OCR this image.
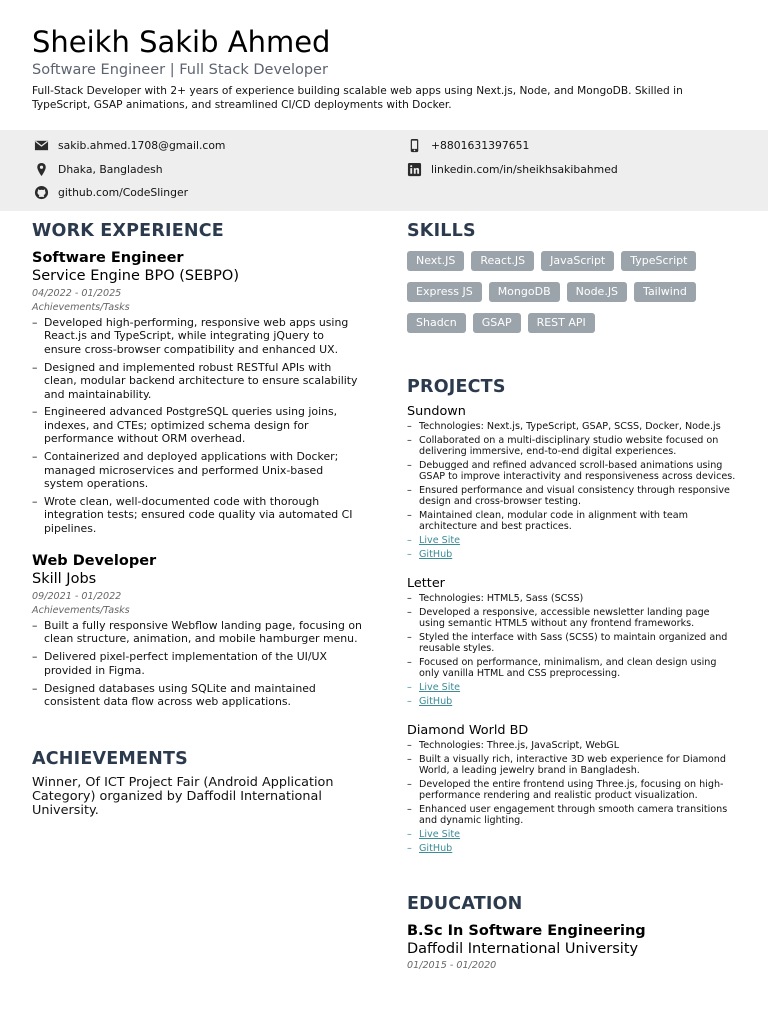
Sheikh Sakib Ahmed
Software Engineer | Full Stack Developer
Full-Stack Developer with 2+ years of experience building scalable web apps using Next.js, Node, and MongoDB. Skilled in TypeScript, GSAP animations, and streamlined CI/CD deployments with Docker.
sakib.ahmed.1708@gmail.com	+8801631397651
Dhaka, Bangladesh	linkedin.com/in/sheikhsakibahmed
github.com/CodeSlinger
WORK EXPERIENCE
Software Engineer
Service Engine BPO (SEBPO)
04/2022 - 01/2025
Achievements/Tasks
– Developed high-performing, responsive web apps using React.js and TypeScript, while integrating jQuery to ensure cross-browser compatibility and enhanced UX.
– Designed and implemented robust RESTful APIs with clean, modular backend architecture to ensure scalability and maintainability.
– Engineered advanced PostgreSQL queries using joins, indexes, and CTEs; optimized schema design for performance without ORM overhead.
– Containerized and deployed applications with Docker; managed microservices and performed Unix-based system operations.
– Wrote clean, well-documented code with thorough integration tests; ensured code quality via automated CI pipelines.
Web Developer
Skill Jobs
09/2021 - 01/2022
Achievements/Tasks
– Built a fully responsive Webflow landing page, focusing on clean structure, animation, and mobile hamburger menu.
– Delivered pixel-perfect implementation of the UI/UX provided in Figma.
– Designed databases using SQLite and maintained consistent data flow across web applications.
ACHIEVEMENTS
Winner, Of ICT Project Fair (Android Application Category) organized by Daffodil International University.
SKILLS
Next.JS	React.JS	JavaScript	TypeScript
Express JS	MongoDB	Node.JS	Tailwind
Shadcn	GSAP	REST API
PROJECTS
Sundown
– Technologies: Next.js, TypeScript, GSAP, SCSS, Docker, Node.js
– Collaborated on a multi-disciplinary studio website focused on delivering immersive, end-to-end digital experiences.
– Debugged and refined advanced scroll-based animations using GSAP to improve interactivity and responsiveness across devices.
– Ensured performance and visual consistency through responsive design and cross-browser testing.
– Maintained clean, modular code in alignment with team architecture and best practices.
– Live Site
– GitHub
Letter
– Technologies: HTML5, Sass (SCSS)
– Developed a responsive, accessible newsletter landing page using semantic HTML5 without any frontend frameworks.
– Styled the interface with Sass (SCSS) to maintain organized and reusable styles.
– Focused on performance, minimalism, and clean design using only vanilla HTML and CSS preprocessing.
– Live Site
– GitHub
Diamond World BD
– Technologies: Three.js, JavaScript, WebGL
– Built a visually rich, interactive 3D web experience for Diamond World, a leading jewelry brand in Bangladesh.
– Developed the entire frontend using Three.js, focusing on high-performance rendering and realistic product visualization.
– Enhanced user engagement through smooth camera transitions and dynamic lighting.
– Live Site
– GitHub
EDUCATION
B.Sc In Software Engineering
Daffodil International University
01/2015 - 01/2020
